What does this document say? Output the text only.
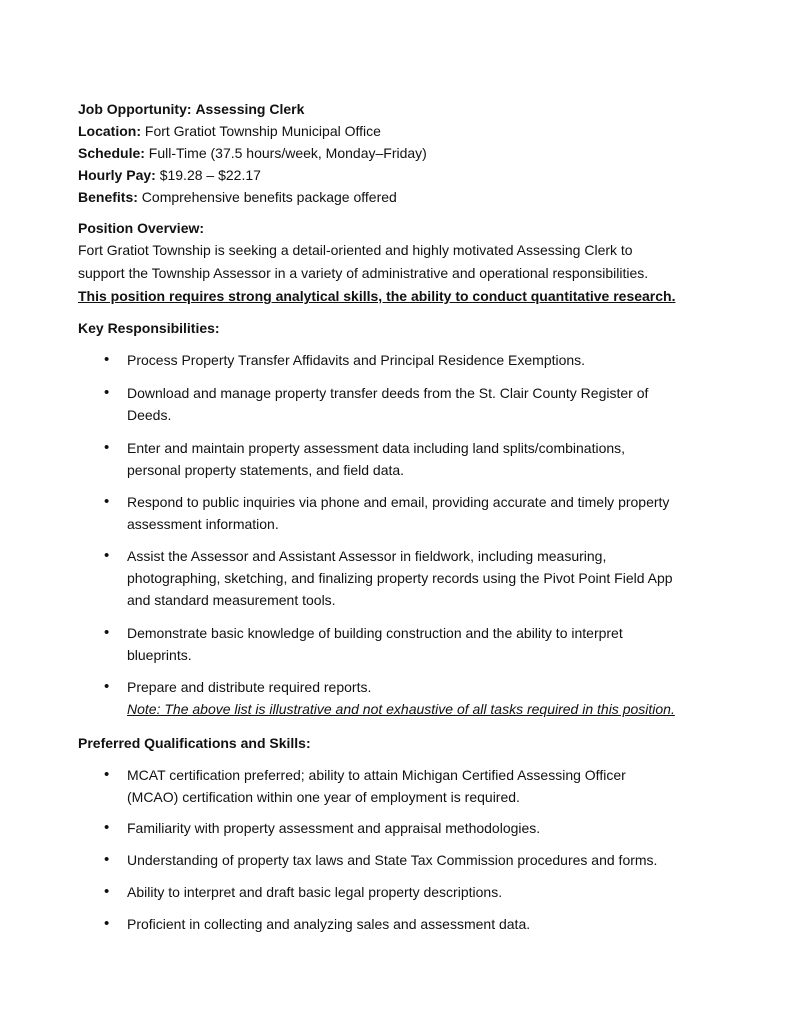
Job Opportunity: Assessing Clerk
Location: Fort Gratiot Township Municipal Office
Schedule: Full-Time (37.5 hours/week, Monday–Friday)
Hourly Pay: $19.28 – $22.17
Benefits: Comprehensive benefits package offered
Position Overview:
Fort Gratiot Township is seeking a detail-oriented and highly motivated Assessing Clerk to
support the Township Assessor in a variety of administrative and operational responsibilities.
This position requires strong analytical skills, the ability to conduct quantitative research.
Key Responsibilities:
• Process Property Transfer Affidavits and Principal Residence Exemptions.
• Download and manage property transfer deeds from the St. Clair County Register of
Deeds.
• Enter and maintain property assessment data including land splits/combinations,
personal property statements, and field data.
• Respond to public inquiries via phone and email, providing accurate and timely property
assessment information.
• Assist the Assessor and Assistant Assessor in fieldwork, including measuring,
photographing, sketching, and finalizing property records using the Pivot Point Field App
and standard measurement tools.
• Demonstrate basic knowledge of building construction and the ability to interpret
blueprints.
• Prepare and distribute required reports.
Note: The above list is illustrative and not exhaustive of all tasks required in this position.
Preferred Qualifications and Skills:
• MCAT certification preferred; ability to attain Michigan Certified Assessing Officer
(MCAO) certification within one year of employment is required.
• Familiarity with property assessment and appraisal methodologies.
• Understanding of property tax laws and State Tax Commission procedures and forms.
• Ability to interpret and draft basic legal property descriptions.
• Proficient in collecting and analyzing sales and assessment data.
